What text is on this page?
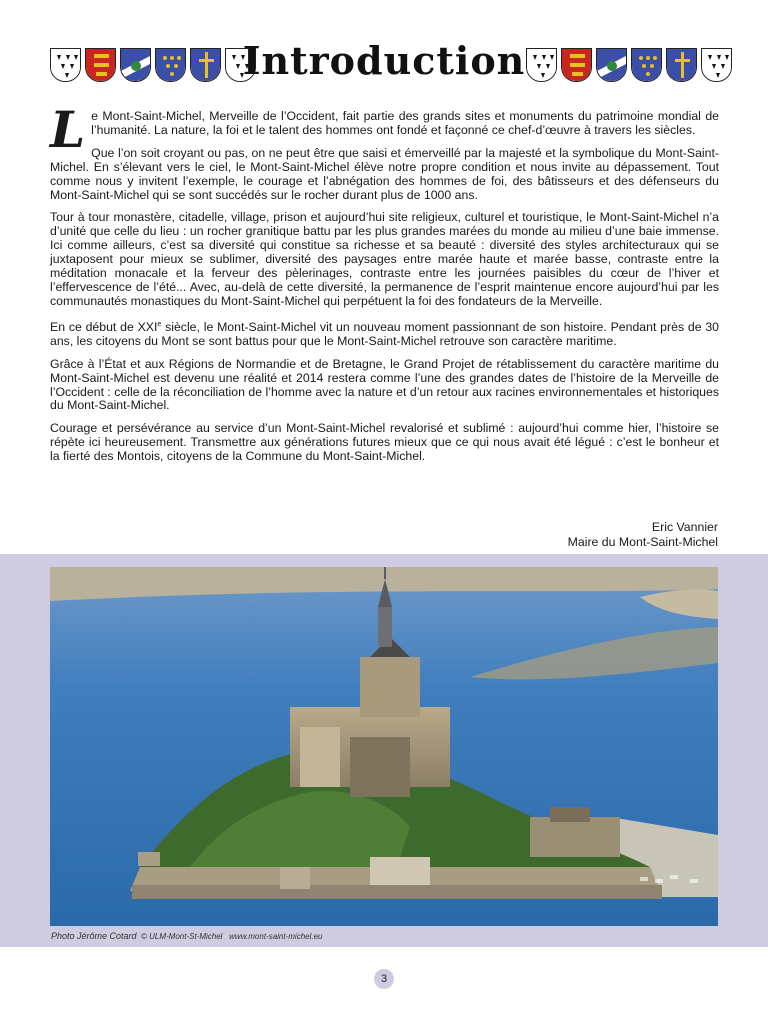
Introduction

Le Mont-Saint-Michel, Merveille de l’Occident, fait partie des grands sites et monuments du patrimoine mondial de l’humanité. La nature, la foi et le talent des hommes ont fondé et façonné ce chef-d’œuvre à travers les siècles.

Que l’on soit croyant ou pas, on ne peut être que saisi et émerveillé par la majesté et la symbolique du Mont-Saint-Michel. En s’élevant vers le ciel, le Mont-Saint-Michel élève notre propre condition et nous invite au dépassement. Tout comme nous y invitent l’exemple, le courage et l’abnégation des hommes de foi, des bâtisseurs et des défenseurs du Mont-Saint-Michel qui se sont succédés sur le rocher durant plus de 1000 ans.

Tour à tour monastère, citadelle, village, prison et aujourd’hui site religieux, culturel et touristique, le Mont-Saint-Michel n’a d’unité que celle du lieu : un rocher granitique battu par les plus grandes marées du monde au milieu d’une baie immense. Ici comme ailleurs, c’est sa diversité qui constitue sa richesse et sa beauté : diversité des styles architecturaux qui se juxtaposent pour mieux se sublimer, diversité des paysages entre marée haute et marée basse, contraste entre la méditation monacale et la ferveur des pèlerinages, contraste entre les journées paisibles du cœur de l’hiver et l’effervescence de l’été... Avec, au-delà de cette diversité, la permanence de l’esprit maintenue encore aujourd’hui par les communautés monastiques du Mont-Saint-Michel qui perpétuent la foi des fondateurs de la Merveille.

En ce début de XXIe siècle, le Mont-Saint-Michel vit un nouveau moment passionnant de son histoire. Pendant près de 30 ans, les citoyens du Mont se sont battus pour que le Mont-Saint-Michel retrouve son caractère maritime.

Grâce à l’État et aux Régions de Normandie et de Bretagne, le Grand Projet de rétablissement du caractère maritime du Mont-Saint-Michel est devenu une réalité et 2014 restera comme l’une des grandes dates de l’histoire de la Merveille de l’Occident : celle de la réconciliation de l’homme avec la nature et d’un retour aux racines environnementales et historiques du Mont-Saint-Michel.

Courage et persévérance au service d’un Mont-Saint-Michel revalorisé et sublimé : aujourd’hui comme hier, l’histoire se répète ici heureusement. Transmettre aux générations futures mieux que ce qui nous avait été légué : c’est le bonheur et la fierté des Montois, citoyens de la Commune du Mont-Saint-Michel.

Eric Vannier
Maire du Mont-Saint-Michel
Photo Jérôme Cotard © ULM-Mont-St-Michel www.mont-saint-michel.eu
3
